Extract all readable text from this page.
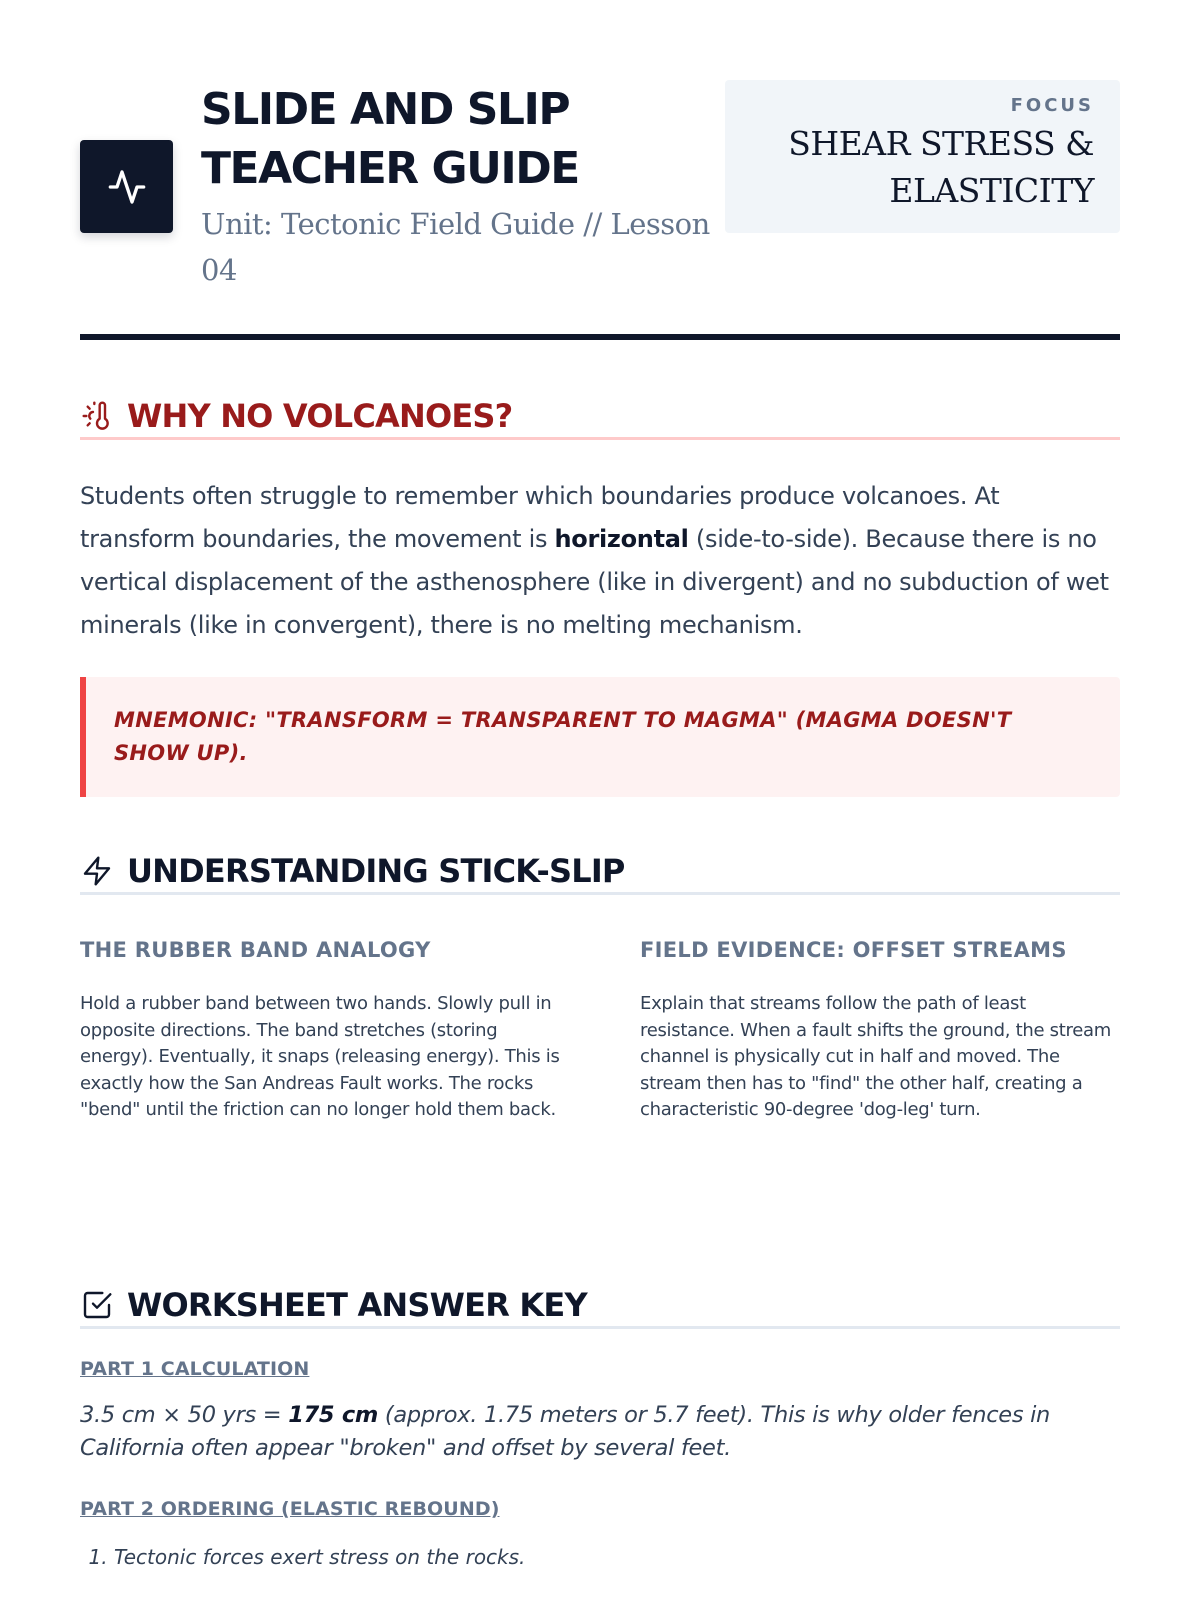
SLIDE AND SLIP TEACHER GUIDE
Unit: Tectonic Field Guide // Lesson 04
FOCUS
SHEAR STRESS & ELASTICITY
WHY NO VOLCANOES?

Students often struggle to remember which boundaries produce volcanoes. At transform boundaries, the movement is horizontal (side-to-side). Because there is no vertical displacement of the asthenosphere (like in divergent) and no subduction of wet minerals (like in convergent), there is no melting mechanism.

MNEMONIC: "TRANSFORM = TRANSPARENT TO MAGMA" (MAGMA DOESN'T SHOW UP).

UNDERSTANDING STICK-SLIP
THE RUBBER BAND ANALOGY

Hold a rubber band between two hands. Slowly pull in opposite directions. The band stretches (storing energy). Eventually, it snaps (releasing energy). This is exactly how the San Andreas Fault works. The rocks "bend" until the friction can no longer hold them back.

FIELD EVIDENCE: OFFSET STREAMS

Explain that streams follow the path of least resistance. When a fault shifts the ground, the stream channel is physically cut in half and moved. The stream then has to "find" the other half, creating a characteristic 90-degree 'dog-leg' turn.

WORKSHEET ANSWER KEY
PART 1 CALCULATION

3.5 cm × 50 yrs = 175 cm (approx. 1.75 meters or 5.7 feet). This is why older fences in California often appear "broken" and offset by several feet.

PART 2 ORDERING (ELASTIC REBOUND)
1. Tectonic forces exert stress on the rocks.
